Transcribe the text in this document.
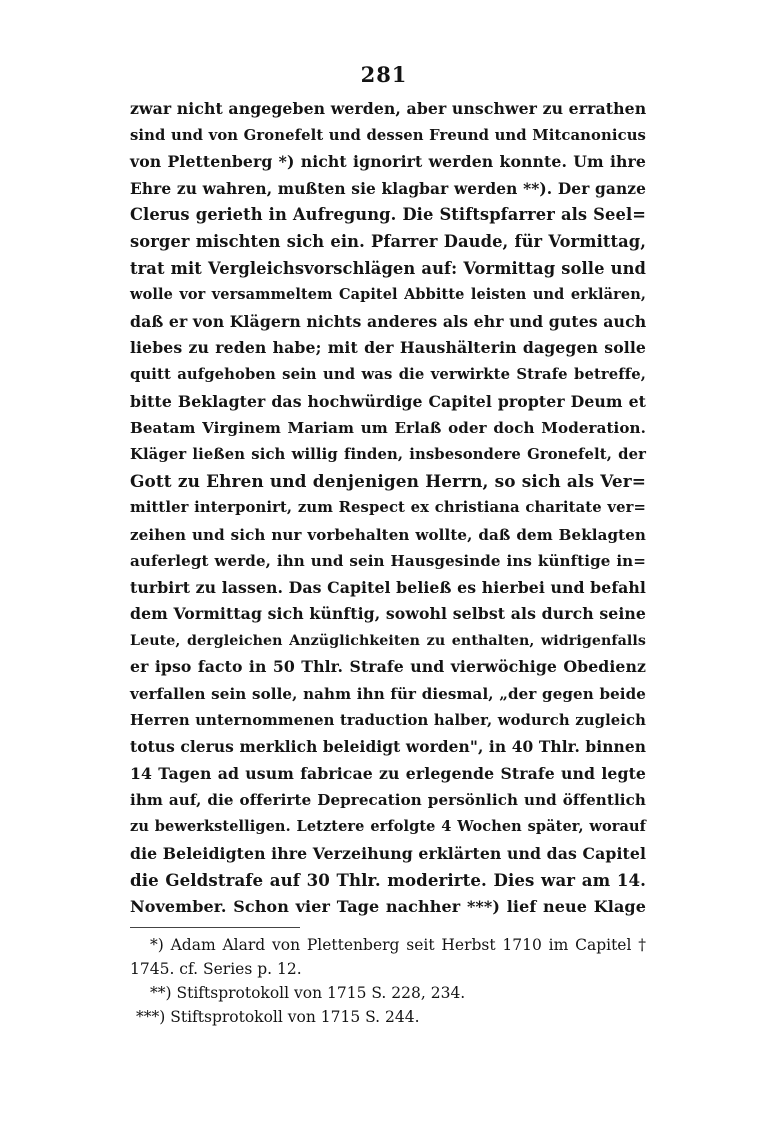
281
zwar nicht angegeben werden, aber unschwer zu errathen
sind und von Gronefelt und dessen Freund und Mitcanonicus
von Plettenberg *) nicht ignorirt werden konnte. Um ihre
Ehre zu wahren, mußten sie klagbar werden **). Der ganze
Clerus gerieth in Aufregung. Die Stiftspfarrer als Seel=
sorger mischten sich ein. Pfarrer Daude, für Vormittag,
trat mit Vergleichsvorschlägen auf: Vormittag solle und
wolle vor versammeltem Capitel Abbitte leisten und erklären,
daß er von Klägern nichts anderes als ehr und gutes auch
liebes zu reden habe; mit der Haushälterin dagegen solle
quitt aufgehoben sein und was die verwirkte Strafe betreffe,
bitte Beklagter das hochwürdige Capitel propter Deum et
Beatam Virginem Mariam um Erlaß oder doch Moderation.
Kläger ließen sich willig finden, insbesondere Gronefelt, der
Gott zu Ehren und denjenigen Herrn, so sich als Ver=
mittler interponirt, zum Respect ex christiana charitate ver=
zeihen und sich nur vorbehalten wollte, daß dem Beklagten
auferlegt werde, ihn und sein Hausgesinde ins künftige in=
turbirt zu lassen. Das Capitel beließ es hierbei und befahl
dem Vormittag sich künftig, sowohl selbst als durch seine
Leute, dergleichen Anzüglichkeiten zu enthalten, widrigenfalls
er ipso facto in 50 Thlr. Strafe und vierwöchige Obedienz
verfallen sein solle, nahm ihn für diesmal, „der gegen beide
Herren unternommenen traduction halber, wodurch zugleich
totus clerus merklich beleidigt worden", in 40 Thlr. binnen
14 Tagen ad usum fabricae zu erlegende Strafe und legte
ihm auf, die offerirte Deprecation persönlich und öffentlich
zu bewerkstelligen. Letztere erfolgte 4 Wochen später, worauf
die Beleidigten ihre Verzeihung erklärten und das Capitel
die Geldstrafe auf 30 Thlr. moderirte. Dies war am 14.
November. Schon vier Tage nachher ***) lief neue Klage
*) Adam Alard von Plettenberg seit Herbst 1710 im Capitel †
1745. cf. Series p. 12.
**) Stiftsprotokoll von 1715 S. 228, 234.
***) Stiftsprotokoll von 1715 S. 244.
